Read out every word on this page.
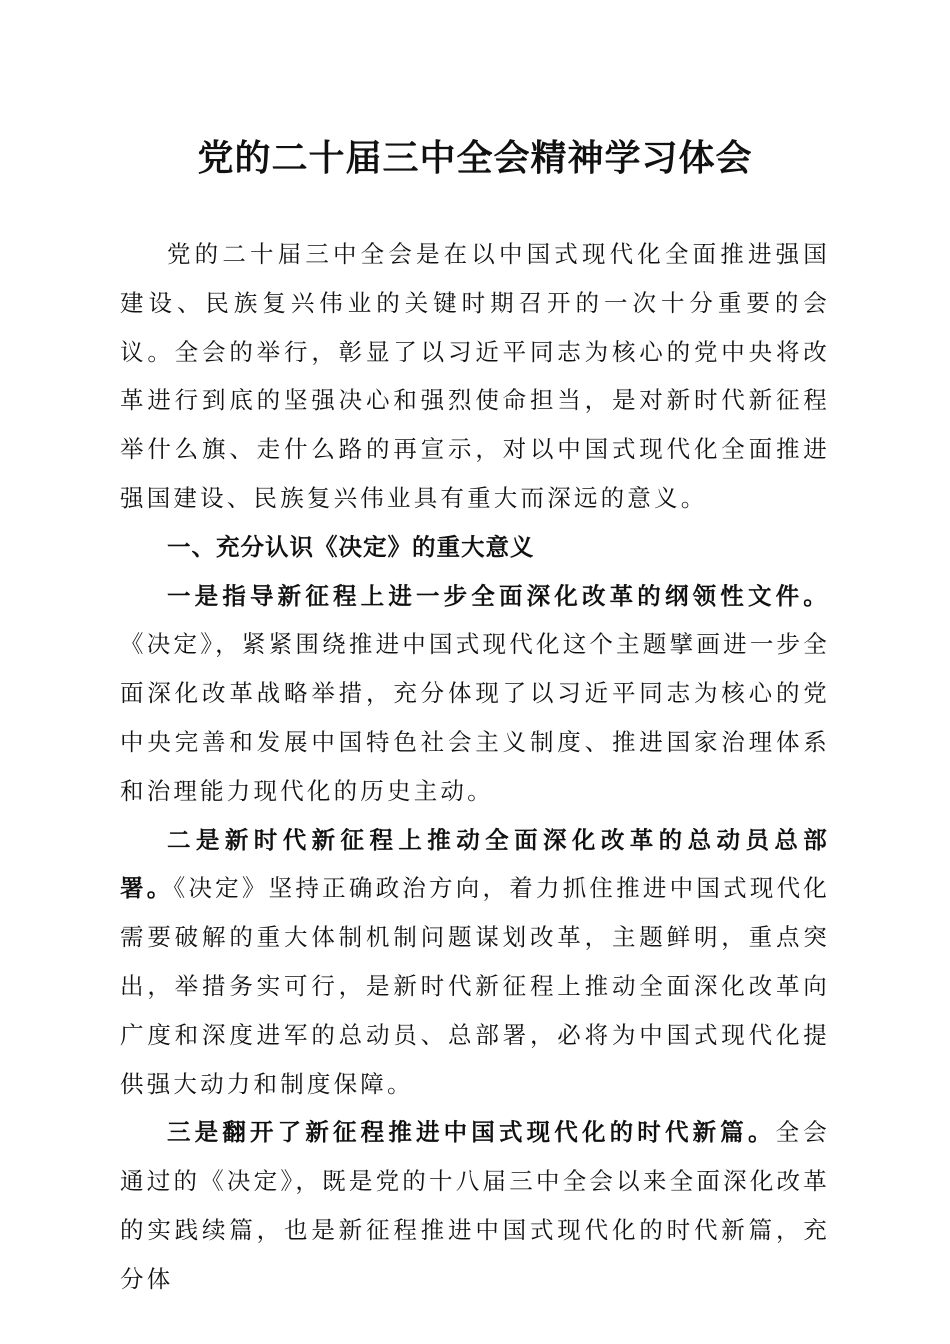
党的二十届三中全会精神学习体会

党的二十届三中全会是在以中国式现代化全面推进强国建设、民族复兴伟业的关键时期召开的一次十分重要的会议。全会的举行，彰显了以习近平同志为核心的党中央将改革进行到底的坚强决心和强烈使命担当，是对新时代新征程举什么旗、走什么路的再宣示，对以中国式现代化全面推进强国建设、民族复兴伟业具有重大而深远的意义。

一、充分认识《决定》的重大意义

一是指导新征程上进一步全面深化改革的纲领性文件。《决定》，紧紧围绕推进中国式现代化这个主题擘画进一步全面深化改革战略举措，充分体现了以习近平同志为核心的党中央完善和发展中国特色社会主义制度、推进国家治理体系和治理能力现代化的历史主动。

二是新时代新征程上推动全面深化改革的总动员总部署。《决定》坚持正确政治方向，着力抓住推进中国式现代化需要破解的重大体制机制问题谋划改革，主题鲜明，重点突出，举措务实可行，是新时代新征程上推动全面深化改革向广度和深度进军的总动员、总部署，必将为中国式现代化提供强大动力和制度保障。

三是翻开了新征程推进中国式现代化的时代新篇。全会通过的《决定》，既是党的十八届三中全会以来全面深化改革的实践续篇，也是新征程推进中国式现代化的时代新篇，充分体
